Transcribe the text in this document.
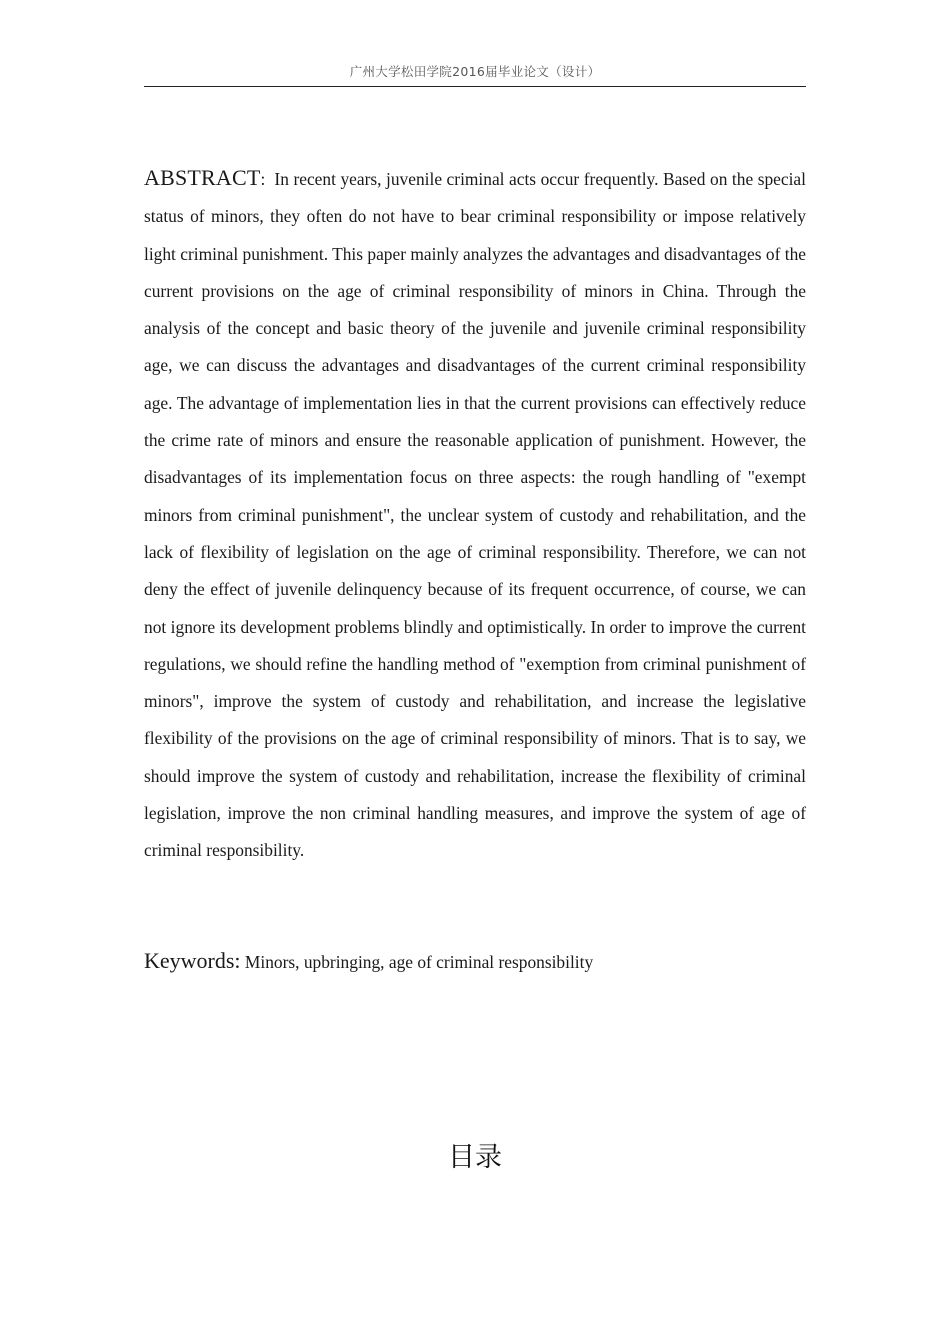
广州大学松田学院2016届毕业论文（设计）
ABSTRACT: In recent years, juvenile criminal acts occur frequently. Based on the special status of minors, they often do not have to bear criminal responsibility or impose relatively light criminal punishment. This paper mainly analyzes the advantages and disadvantages of the current provisions on the age of criminal responsibility of minors in China. Through the analysis of the concept and basic theory of the juvenile and juvenile criminal responsibility age, we can discuss the advantages and disadvantages of the current criminal responsibility age. The advantage of implementation lies in that the current provisions can effectively reduce the crime rate of minors and ensure the reasonable application of punishment. However, the disadvantages of its implementation focus on three aspects: the rough handling of "exempt minors from criminal punishment", the unclear system of custody and rehabilitation, and the lack of flexibility of legislation on the age of criminal responsibility. Therefore, we can not deny the effect of juvenile delinquency because of its frequent occurrence, of course, we can not ignore its development problems blindly and optimistically. In order to improve the current regulations, we should refine the handling method of "exemption from criminal punishment of minors", improve the system of custody and rehabilitation, and increase the legislative flexibility of the provisions on the age of criminal responsibility of minors. That is to say, we should improve the system of custody and rehabilitation, increase the flexibility of criminal legislation, improve the non criminal handling measures, and improve the system of age of criminal responsibility.
Keywords: Minors, upbringing, age of criminal responsibility
目录
